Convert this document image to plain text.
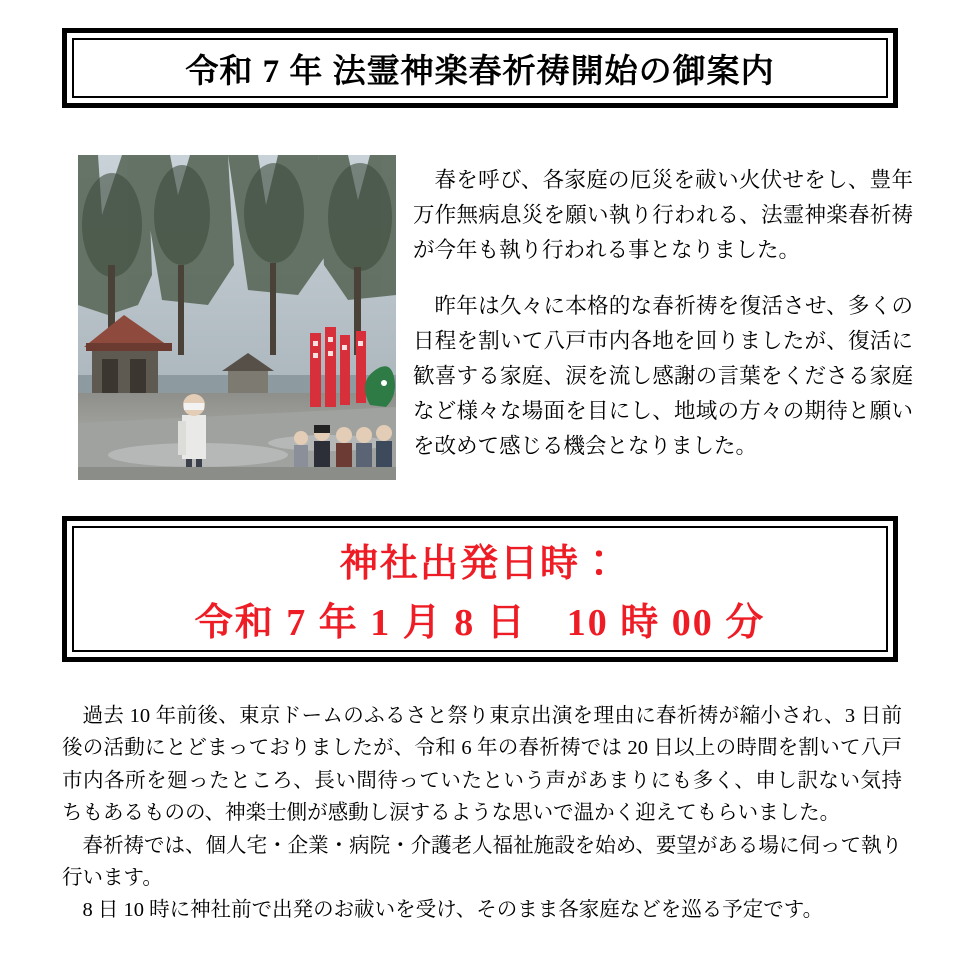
令和 7 年 法霊神楽春祈祷開始の御案内

春を呼び、各家庭の厄災を祓い火伏せをし、豊年万作無病息災を願い執り行われる、法霊神楽春祈祷が今年も執り行われる事となりました。

昨年は久々に本格的な春祈祷を復活させ、多くの日程を割いて八戸市内各地を回りましたが、復活に歓喜する家庭、涙を流し感謝の言葉をくださる家庭など様々な場面を目にし、地域の方々の期待と願いを改めて感じる機会となりました。

神社出発日時：
令和 7 年 1 月 8 日　10 時 00 分

過去 10 年前後、東京ドームのふるさと祭り東京出演を理由に春祈祷が縮小され、3 日前後の活動にとどまっておりましたが、令和 6 年の春祈祷では 20 日以上の時間を割いて八戸市内各所を廻ったところ、長い間待っていたという声があまりにも多く、申し訳ない気持ちもあるものの、神楽士側が感動し涙するような思いで温かく迎えてもらいました。

春祈祷では、個人宅・企業・病院・介護老人福祉施設を始め、要望がある場に伺って執り行います。

8 日 10 時に神社前で出発のお祓いを受け、そのまま各家庭などを巡る予定です。
